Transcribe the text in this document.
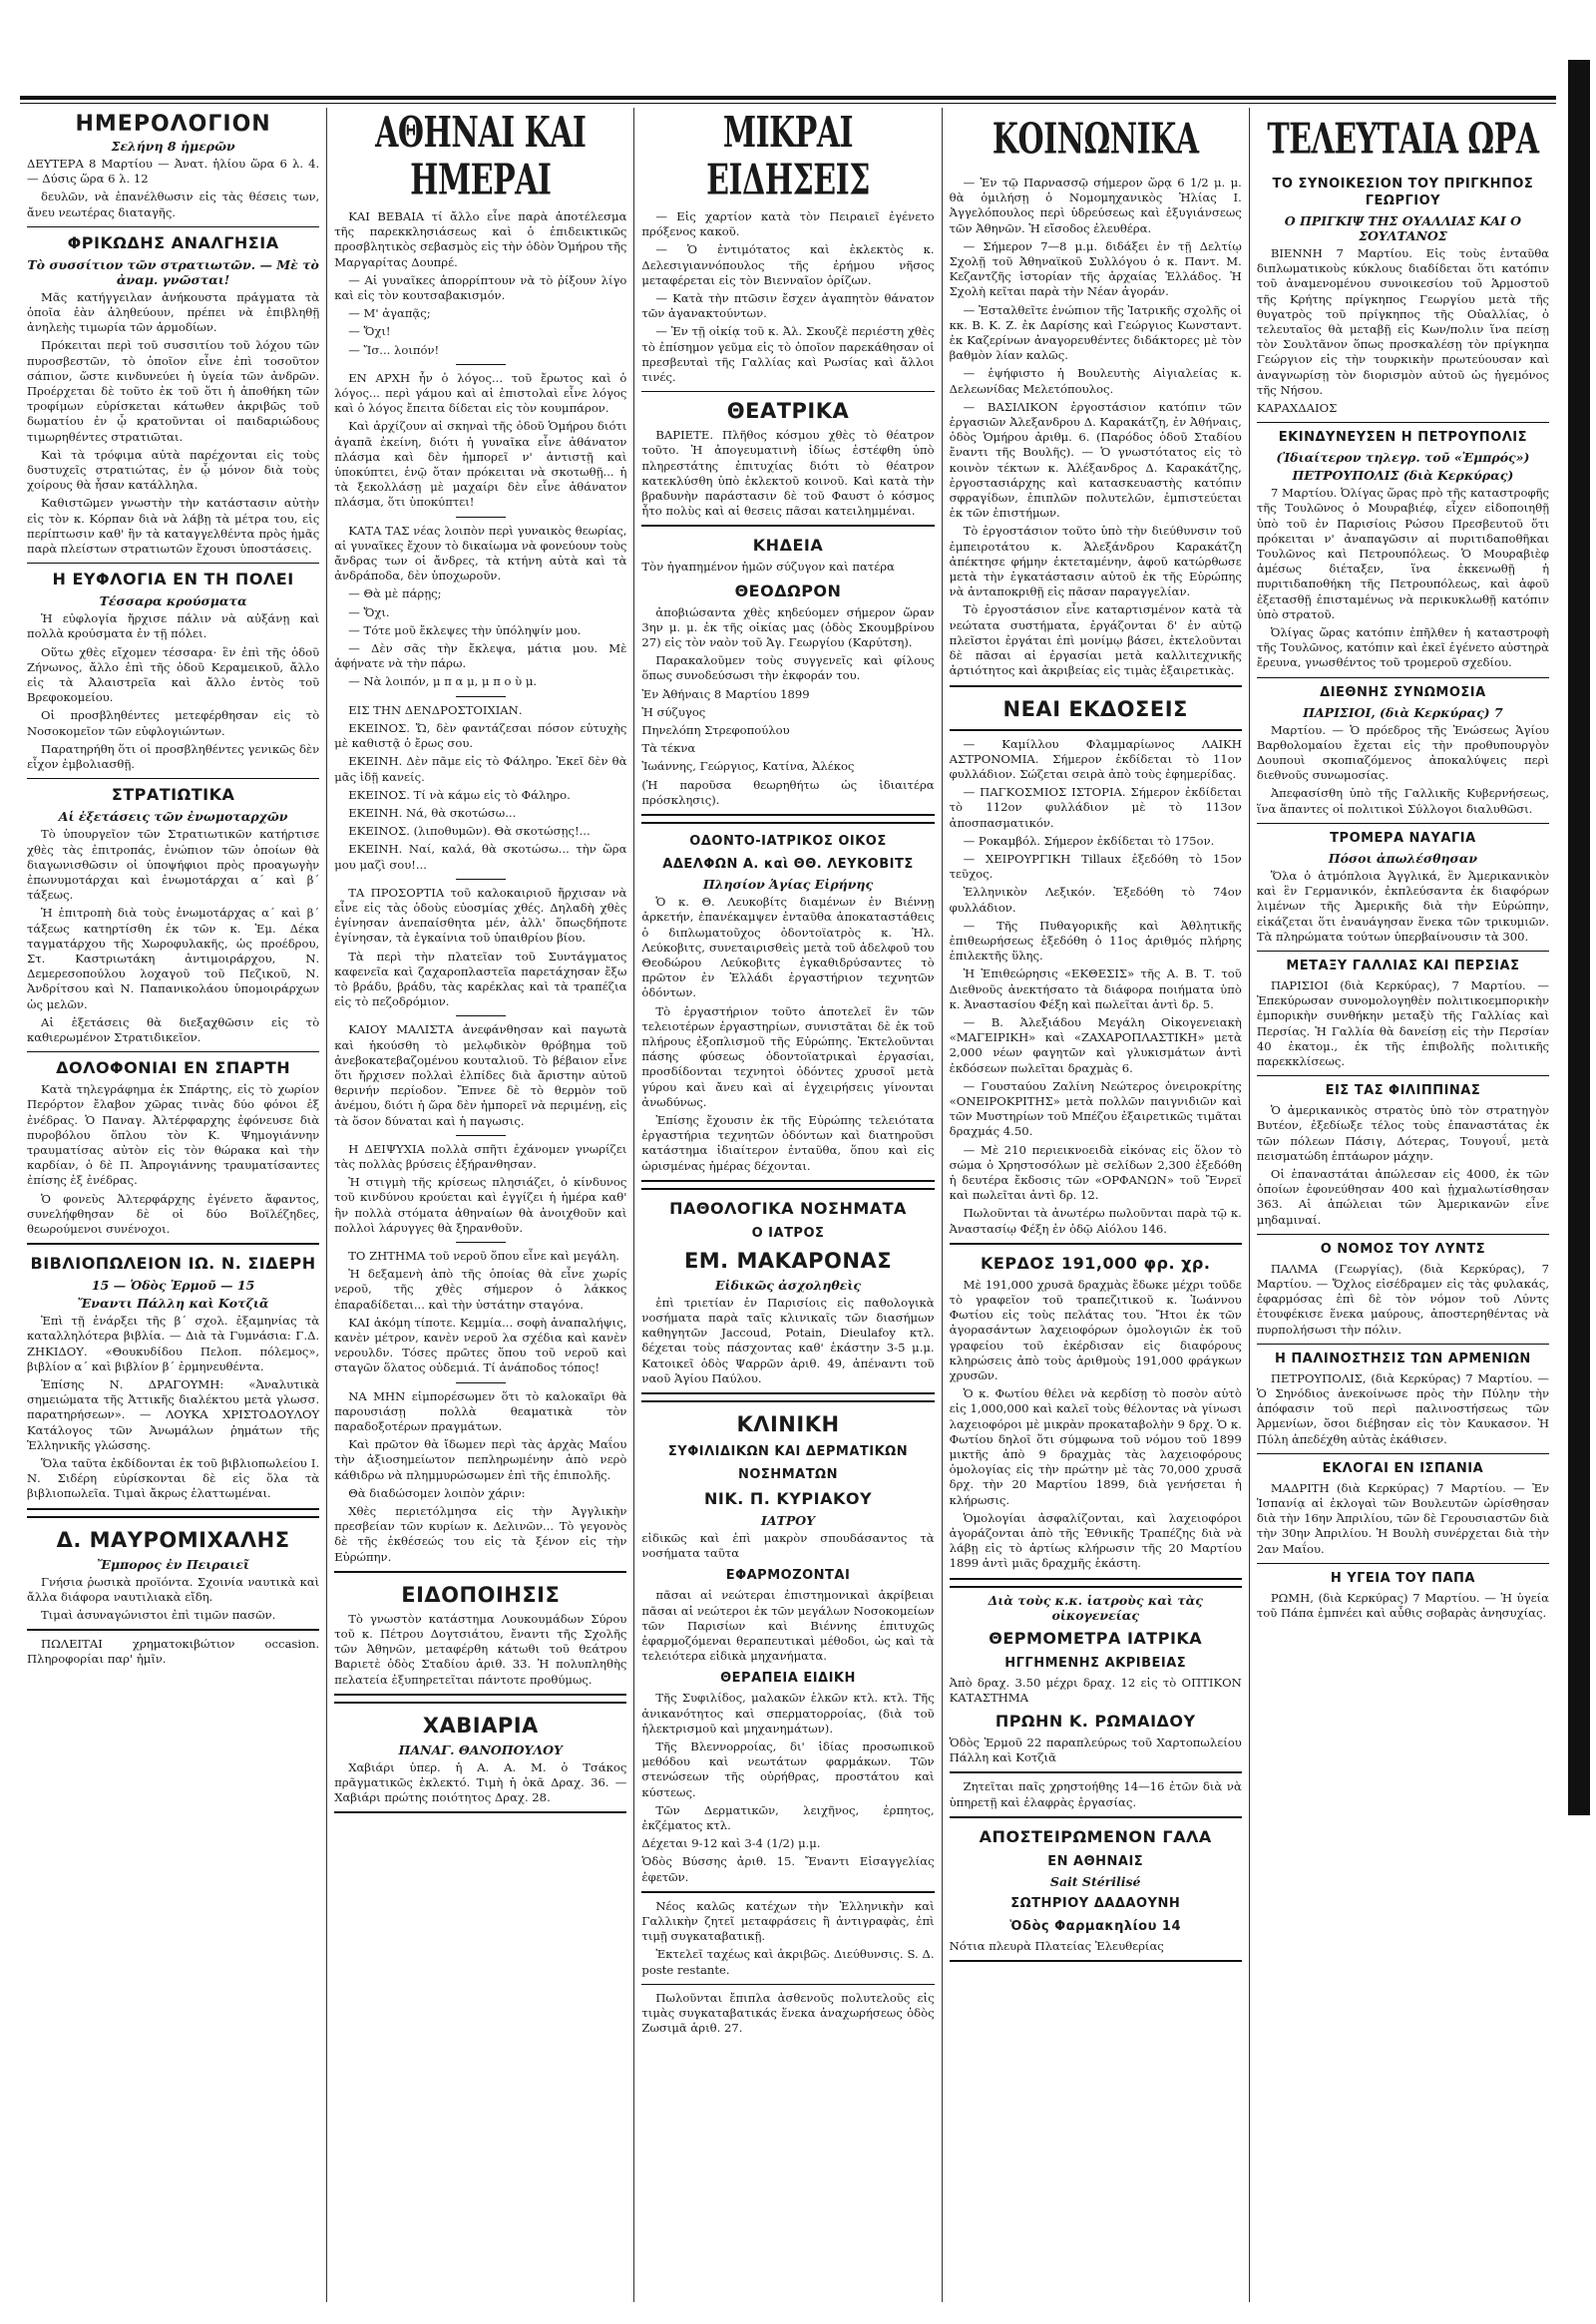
ΗΜΕΡΟΛΟΓΙΟΝ
Σελήνη 8 ἡμερῶν

ΔΕΥΤΕΡΑ 8 Μαρτίου — Ἀνατ. ἡλίου ὥρα 6 λ. 4. — Δύσις ὥρα 6 λ. 12

δευλῶν, νὰ ἐπανέλθωσιν εἰς τὰς θέσεις των, ἄνευ νεωτέρας διαταγῆς.

ΦΡΙΚΩΔΗΣ ΑΝΑΛΓΗΣΙΑ
Τὸ συσσίτιον τῶν στρατιωτῶν. — Μὲ τὸ ἀναμ. γνῶσται!

Μᾶς κατήγγειλαν ἀνήκουστα πράγματα τὰ ὁποῖα ἐὰν ἀληθεύουν, πρέπει νὰ ἐπιβληθῇ ἀνηλεὴς τιμωρία τῶν ἁρμοδίων.

Πρόκειται περὶ τοῦ συσσιτίου τοῦ λόχου τῶν πυροσβεστῶν, τὸ ὁποῖον εἶνε ἐπὶ τοσοῦτον σάπιον, ὥστε κινδυνεύει ἡ ὑγεία τῶν ἀνδρῶν. Προέρχεται δὲ τοῦτο ἐκ τοῦ ὅτι ἡ ἀποθήκη τῶν τροφίμων εὑρίσκεται κάτωθεν ἀκριβῶς τοῦ δωματίου ἐν ᾧ κρατοῦνται οἱ παιδαριώδους τιμωρηθέντες στρατιῶται.

Καὶ τὰ τρόφιμα αὐτὰ παρέχονται εἰς τοὺς δυστυχεῖς στρατιώτας, ἐν ᾧ μόνον διὰ τοὺς χοίρους θὰ ἦσαν κατάλληλα.

Καθιστῶμεν γνωστὴν τὴν κατάστασιν αὐτὴν εἰς τὸν κ. Κόρπαν διὰ νὰ λάβῃ τὰ μέτρα του, εἰς περίπτωσιν καθ' ἣν τὰ καταγγελθέντα πρὸς ἡμᾶς παρὰ πλείστων στρατιωτῶν ἔχουσι ὑποστάσεις.

Η ΕΥΦΛΟΓΙΑ ΕΝ ΤΗ ΠΟΛΕΙ
Τέσσαρα κρούσματα

Ἡ εὐφλογία ἤρχισε πάλιν νὰ αὐξάνῃ καὶ πολλὰ κρούσματα ἐν τῇ πόλει.

Οὕτω χθὲς εἴχομεν τέσσαρα· ἓν ἐπὶ τῆς ὁδοῦ Ζήνωνος, ἄλλο ἐπὶ τῆς ὁδοῦ Κεραμεικοῦ, ἄλλο εἰς τὰ Ἀλαιστρεῖα καὶ ἄλλο ἐντὸς τοῦ Βρεφοκομείου.

Οἱ προσβληθέντες μετεφέρθησαν εἰς τὸ Νοσοκομεῖον τῶν εὐφλογιώντων.

Παρατηρήθη ὅτι οἱ προσβληθέντες γενικῶς δὲν εἶχον ἐμβολιασθῇ.

ΣΤΡΑΤΙΩΤΙΚΑ
Αἱ ἐξετάσεις τῶν ἐνωμοταρχῶν

Τὸ ὑπουργεῖον τῶν Στρατιωτικῶν κατήρτισε χθὲς τὰς ἐπιτροπάς, ἐνώπιον τῶν ὁποίων θὰ διαγωνισθῶσιν οἱ ὑποψήφιοι πρὸς προαγωγὴν ἐπωνυμοτάρχαι καὶ ἐνωμοτάρχαι α΄ καὶ β΄ τάξεως.

Ἡ ἐπιτροπὴ διὰ τοὺς ἐνωμοτάρχας α΄ καὶ β΄ τάξεως κατηρτίσθη ἐκ τῶν κ. Ἐμ. Δέκα ταγματάρχου τῆς Χωροφυλακῆς, ὡς προέδρου, Στ. Καστριωτάκη ἀντιμοιράρχου, Ν. Δεμερεσοπούλου λοχαγοῦ τοῦ Πεζικοῦ, Ν. Ἀνδρίτσου καὶ Ν. Παπανικολάου ὑπομοιράρχων ὡς μελῶν.

Αἱ ἐξετάσεις θὰ διεξαχθῶσιν εἰς τὸ καθιερωμένον Στρατιδικεῖον.

ΔΟΛΟΦΟΝΙΑΙ ΕΝ ΣΠΑΡΤΗ

Κατὰ τηλεγράφημα ἐκ Σπάρτης, εἰς τὸ χωρίον Περόρτον ἔλαβον χῶρας τινὰς δύο φόνοι ἐξ ἐνέδρας. Ὁ Παναγ. Ἀλτέρφαρχης ἐφόνευσε διὰ πυροβόλου ὅπλου τὸν Κ. Ψημογιάννην τραυματίσας αὐτὸν εἰς τὸν θώρακα καὶ τὴν καρδίαν, ὁ δὲ Π. Ἀπρογιάννης τραυματίσαντες ἐπίσης ἐξ ἐνέδρας.

Ὁ φονεὺς Ἀλτερφάρχης ἐγένετο ἄφαντος, συνελήφθησαν δὲ οἱ δύο Βοϊλέζηδες, θεωρούμενοι συνένοχοι.

ΒΙΒΛΙΟΠΩΛΕΙΟΝ ΙΩ. Ν. ΣΙΔΕΡΗ
15 — Ὁδὸς Ἑρμοῦ — 15
Ἔναντι Πάλλη καὶ Κοτζιᾶ

Ἐπὶ τῇ ἐνάρξει τῆς β΄ σχολ. ἐξαμηνίας τὰ καταλληλότερα βιβλία. — Διὰ τὰ Γυμνάσια: Γ.Δ. ΖΗΚΙΔΟΥ. «Θουκυδίδου Πελοπ. πόλεμος», βιβλίον α΄ καὶ βιβλίον β΄ ἐρμηνευθέντα.

Ἐπίσης Ν. ΔΡΑΓΟΥΜΗ: «Ἀναλυτικὰ σημειώματα τῆς Ἀττικῆς διαλέκτου μετὰ γλωσσ. παρατηρήσεων». — ΛΟΥΚΑ ΧΡΙΣΤΟΔΟΥΛΟΥ Κατάλογος τῶν Ἀνωμάλων ῥημάτων τῆς Ἑλληνικῆς γλώσσης.

Ὅλα ταῦτα ἐκδίδονται ἐκ τοῦ βιβλιοπωλείου Ι. Ν. Σιδέρη εὑρίσκονται δὲ εἰς ὅλα τὰ βιβλιοπωλεῖα. Τιμαὶ ἄκρως ἐλαττωμέναι.

Δ. ΜΑΥΡΟΜΙΧΑΛΗΣ
Ἔμπορος ἐν Πειραιεῖ

Γνήσια ῥωσικὰ προϊόντα. Σχοινία ναυτικὰ καὶ ἄλλα διάφορα ναυτιλιακὰ εἴδη.

Τιμαὶ ἀσυναγώνιστοι ἐπὶ τιμῶν πασῶν.

ΠΩΛΕΙΤΑΙ χρηματοκιβώτιον occasion. Πληροφορίαι παρ' ἡμῖν.

ΑΘΗΝΑΙ ΚΑΙ ΗΜΕΡΑΙ

ΚΑΙ ΒΕΒΑΙΑ τί ἄλλο εἶνε παρὰ ἀποτέλεσμα τῆς παρεκκλησιάσεως καὶ ὁ ἐπιδεικτικῶς προσβλητικὸς σεβασμὸς εἰς τὴν ὁδὸν Ὁμήρου τῆς Μαργαρίτας Δουπρέ.

— Αἱ γυναῖκες ἀπορρίπτουν νὰ τὸ ῥίξουν λίγο καὶ εἰς τὸν κουτσαβακισμόν.

— Μ' ἀγαπᾷς;

— Ὄχι!

— Ἴσ... λοιπόν!

ΕΝ ΑΡΧΗ ἦν ὁ λόγος... τοῦ ἔρωτος καὶ ὁ λόγος... περὶ γάμου καὶ αἱ ἐπιστολαὶ εἶνε λόγος καὶ ὁ λόγος ἔπειτα δίδεται εἰς τὸν κουμπάρον.

Καὶ ἀρχίζουν αἱ σκηναὶ τῆς ὁδοῦ Ὁμήρου διότι ἀγαπᾶ ἐκείνη, διότι ἡ γυναῖκα εἶνε ἀθάνατον πλάσμα καὶ δὲν ἠμπορεῖ ν' ἀντιστῇ καὶ ὑποκύπτει, ἐνῷ ὅταν πρόκειται νὰ σκοτωθῇ... ἡ τὰ ξεκολλάσῃ μὲ μαχαίρι δὲν εἶνε ἀθάνατον πλάσμα, ὅτι ὑποκύπτει!

ΚΑΤΑ ΤΑΣ νέας λοιπὸν περὶ γυναικὸς θεωρίας, αἱ γυναῖκες ἔχουν τὸ δικαίωμα νὰ φονεύουν τοὺς ἄνδρας των οἱ ἄνδρες, τὰ κτήνη αὐτὰ καὶ τὰ ἀνδράποδα, δὲν ὑποχωροῦν.

— Θὰ μὲ πάρῃς;

— Ὄχι.

— Τότε μοῦ ἔκλεψες τὴν ὑπόληψίν μου.

— Δὲν σᾶς τὴν ἔκλεψα, μάτια μου. Μὲ ἀφήνατε νὰ τὴν πάρω.

— Νὰ λοιπόν, μ π α μ, μ π ο ὺ μ.

ΕΙΣ ΤΗΝ ΔΕΝΔΡΟΣΤΟΙΧΙΑΝ.

ΕΚΕΙΝΟΣ. Ὤ, δὲν φαντάζεσαι πόσον εὐτυχὴς μὲ καθιστᾷ ὁ ἔρως σου.

ΕΚΕΙΝΗ. Δὲν πᾶμε εἰς τὸ Φάληρο. Ἐκεῖ δὲν θὰ μᾶς ἰδῇ κανείς.

ΕΚΕΙΝΟΣ. Τί νὰ κάμω εἰς τὸ Φάληρο.

ΕΚΕΙΝΗ. Νά, θὰ σκοτώσω...

ΕΚΕΙΝΟΣ. (λιποθυμῶν). Θὰ σκοτώσῃς!...

ΕΚΕΙΝΗ. Ναί, καλά, θὰ σκοτώσω... τὴν ὥρα μου μαζὶ σου!...

ΤΑ ΠΡΟΣΟΡΤΙΑ τοῦ καλοκαιριοῦ ἤρχισαν νὰ εἶνε εἰς τὰς ὁδοὺς εὐοσμίας χθές. Δηλαδὴ χθὲς ἐγίνησαν ἀνεπαίσθητα μέν, ἀλλ' ὅπωςδήποτε ἐγίνησαν, τὰ ἐγκαίνια τοῦ ὑπαιθρίου βίου.

Τὰ περὶ τὴν πλατεῖαν τοῦ Συντάγματος καφενεῖα καὶ ζαχαροπλαστεῖα παρετάχησαν ἔξω τὸ βράδυ, βράδυ, τὰς καρέκλας καὶ τὰ τραπέζια εἰς τὸ πεζοδρόμιον.

ΚΑΙΟΥ ΜΑΛΙΣΤΑ ἀνεφάνθησαν καὶ παγωτὰ καὶ ἠκούσθη τὸ μελῳδικὸν θρόβημα τοῦ ἀνεβοκατεβαζομένου κουταλιοῦ. Τὸ βέβαιον εἶνε ὅτι ἤρχισεν πολλαὶ ἐλπίδες διὰ ἄριστην αὐτοῦ θερινήν περίοδον. Ἔπνεε δὲ τὸ θερμὸν τοῦ ἀνέμου, διότι ἡ ὥρα δὲν ἠμπορεῖ νὰ περιμένῃ, εἰς τὰ ὅσον δύναται καὶ ἡ παγωσις.

Η ΔΕΙΨΥΧΙΑ πολλὰ σπῆτι ἐχάνομεν γνωρίζει τὰς πολλὰς βρύσεις ἐξήρανθησαν.

Ἡ στιγμὴ τῆς κρίσεως πλησιάζει, ὁ κίνδυνος τοῦ κινδύνου κρούεται καὶ ἐγγίζει ἡ ἡμέρα καθ' ἣν πολλὰ στόματα ἀθηναίων θὰ ἀνοιχθοῦν καὶ πολλοὶ λάρυγγες θὰ ξηρανθοῦν.

ΤΟ ΖΗΤΗΜΑ τοῦ νεροῦ ὅπου εἶνε καὶ μεγάλη.

Ἡ δεξαμενὴ ἀπὸ τῆς ὁποίας θὰ εἶνε χωρίς νεροῦ, τῆς χθὲς σήμερον ὁ λάκκος ἐπαραδίδεται... καὶ τὴν ὑστάτην σταγόνα.

ΚΑΙ ἀκόμη τίποτε. Κεμμία... σοφὴ ἀναπαλήψις, κανὲν μέτρον, κανὲν νεροῦ λα σχέδια καὶ κανὲν νερουλδν. Τόσες πρῶτες ὅπου τοῦ νεροῦ καὶ σταγῶν ὅλατος οὐδεμιά. Τί ἀνάποδος τόπος!

ΝΑ ΜΗΝ εἰμπορέσωμεν ὅτι τὸ καλοκαῖρι θὰ παρουσιάσῃ πολλὰ θεαματικὰ τὸν παραδοξοτέρων πραγμάτων.

Καὶ πρῶτον θὰ ἴδωμεν περὶ τὰς ἀρχὰς Μαΐου τὴν ἀξιοσημείωτον πεπληρωμένην ἀπὸ νερὸ κάθιδρω νὰ πλημμυρώσωμεν ἐπὶ τῆς ἐπιπολῆς.

Θὰ διαδώσομεν λοιπὸν χάριν:

Χθὲς περιετόλμησα εἰς τὴν Ἀγγλικὴν πρεσβείαν τῶν κυρίων κ. Δελινῶν... Τὸ γεγονὸς δὲ τῆς ἐκθέσεώς του εἰς τὰ ξένον εἰς τὴν Εὐρώπην.

ΕΙΔΟΠΟΙΗΣΙΣ

Τὸ γνωστὸν κατάστημα Λουκουμάδων Σύρου τοῦ κ. Πέτρου Δογτσιάτου, ἔναντι τῆς Σχολῆς τῶν Ἀθηνῶν, μεταφέρθη κάτωθι τοῦ θεάτρου Βαριετὲ ὁδὸς Σταδίου ἀριθ. 33. Ἡ πολυπληθὴς πελατεία ἐξυπηρετεῖται πάντοτε προθύμως.

ΧΑΒΙΑΡΙΑ
ΠΑΝΑΓ. ΘΑΝΟΠΟΥΛΟΥ

Χαβιάρι ὑπερ. ἡ Α. Α. Μ. ὁ Τσάκος πρᾶγματικῶς ἐκλεκτό. Τιμὴ ἡ ὀκᾶ Δραχ. 36. — Χαβιάρι πρώτης ποιότητος Δραχ. 28.

ΜΙΚΡΑΙ ΕΙΔΗΣΕΙΣ

— Εἰς χαρτίον κατὰ τὸν Πειραιεῖ ἐγένετο πρόξενος κακοῦ.

— Ὁ ἐντιμότατος καὶ ἐκλεκτὸς κ. Δελεσιγιαννόπουλος τῆς ἐρήμου νῆσος μεταφέρεται εἰς τὸν Βιενναῖον ὁρίζων.

— Κατὰ τὴν πτῶσιν ἔσχεν ἀγαπητὸν θάνατον τῶν ἀγανακτούντων.

— Ἐν τῇ οἰκίᾳ τοῦ κ. Ἀλ. Σκουζὲ περιέστη χθὲς τὸ ἐπίσημον γεῦμα εἰς τὸ ὁποῖον παρεκάθησαν οἱ πρεσβευταὶ τῆς Γαλλίας καὶ Ρωσίας καὶ ἄλλοι τινές.

ΘΕΑΤΡΙΚΑ

ΒΑΡΙΕΤΕ. Πλῆθος κόσμου χθὲς τὸ θέατρον τοῦτο. Ἡ ἀπογευματινὴ ἰδίως ἐστέφθη ὑπὸ πληρεστάτης ἐπιτυχίας διότι τὸ θέατρον κατεκλύσθη ὑπὸ ἐκλεκτοῦ κοινοῦ. Καὶ κατὰ τὴν βραδυνὴν παράστασιν δὲ τοῦ Φαυστ ὁ κόσμος ἦτο πολὺς καὶ αἱ θεσεις πᾶσαι κατειλημμέναι.

ΚΗΔΕΙΑ

Τὸν ἡγαπημένον ἡμῶν σύζυγον καὶ πατέρα

ΘΕΟΔΩΡΟΝ

ἀποβιώσαντα χθὲς κηδεύομεν σήμερον ὥραν 3ην μ. μ. ἐκ τῆς οἰκίας μας (ὁδὸς Σκουμβρίνου 27) εἰς τὸν ναὸν τοῦ Ἁγ. Γεωργίου (Καρύτση).

Παρακαλοῦμεν τοὺς συγγενεῖς καὶ φίλους ὅπως συνοδεύσωσι τὴν ἐκφοράν του.

Ἐν Ἀθήναις 8 Μαρτίου 1899

Ἡ σύζυγος

Πηνελόπη Στρεφοπούλου

Τὰ τέκνα

Ἰωάννης, Γεώργιος, Κατίνα, Ἀλέκος

(Ἡ παροῦσα θεωρηθήτω ὡς ἰδιαιτέρα πρόσκλησις).

ΟΔΟΝΤΟ-ΙΑΤΡΙΚΟΣ ΟΙΚΟΣ
ΑΔΕΛΦΩΝ Α. καὶ ΘΘ. ΛΕΥΚΟΒΙΤΣ
Πλησίον Ἁγίας Εἰρήνης

Ὁ κ. Θ. Λευκοβίτς διαμένων ἐν Βιέννῃ ἀρκετήν, ἐπανέκαμψεν ἐνταῦθα ἀποκαταστάθεις ὁ διπλωματοῦχος ὀδοντοϊατρὸς κ. Ἠλ. Λεύκοβιτς, συνεταιρισθεὶς μετὰ τοῦ ἀδελφοῦ του Θεοδώρου Λεύκοβιτς ἐγκαθιδρύσαντες τὸ πρῶτον ἐν Ἑλλάδι ἐργαστήριον τεχνητῶν ὀδόντων.

Τὸ ἐργαστήριον τοῦτο ἀποτελεῖ ἓν τῶν τελειοτέρων ἐργαστηρίων, συνιστᾶται δὲ ἐκ τοῦ πλήρους ἐξοπλισμοῦ τῆς Εὐρώπης. Ἐκτελοῦνται πάσης φύσεως ὀδοντοϊατρικαὶ ἐργασίαι, προσδίδονται τεχνητοὶ ὀδόντες χρυσοῖ μετὰ γύρου καὶ ἄνευ καὶ αἱ ἐγχειρήσεις γίνονται ἀνωδύνως.

Ἐπίσης ἔχουσιν ἐκ τῆς Εὐρώπης τελειότατα ἐργαστήρια τεχνητῶν ὀδόντων καὶ διατηροῦσι κατάστημα ἰδιαίτερον ἐνταῦθα, ὅπου καὶ εἰς ὡρισμένας ἡμέρας δέχονται.

ΠΑΘΟΛΟΓΙΚΑ ΝΟΣΗΜΑΤΑ
Ο ΙΑΤΡΟΣ
ΕΜ. ΜΑΚΑΡΟΝΑΣ
Εἰδικῶς ἀσχοληθεὶς

ἐπὶ τριετίαν ἐν Παρισίοις εἰς παθολογικὰ νοσήματα παρὰ ταῖς κλινικαῖς τῶν διασήμων καθηγητῶν Jaccoud, Potain, Dieulafoy κτλ. δέχεται τοὺς πάσχοντας καθ' ἑκάστην 3-5 μ.μ. Κατοικεῖ ὁδὸς Ψαρρῶν ἀριθ. 49, ἀπέναντι τοῦ ναοῦ Ἁγίου Παύλου.

ΚΛΙΝΙΚΗ
ΣΥΦΙΛΙΔΙΚΩΝ ΚΑΙ ΔΕΡΜΑΤΙΚΩΝ
ΝΟΣΗΜΑΤΩΝ
ΝΙΚ. Π. ΚΥΡΙΑΚΟΥ
ΙΑΤΡΟΥ

εἰδικῶς καὶ ἐπὶ μακρὸν σπουδάσαντος τὰ νοσήματα ταῦτα

ΕΦΑΡΜΟΖΟΝΤΑΙ

πᾶσαι αἱ νεώτεραι ἐπιστημονικαὶ ἀκρίβειαι πᾶσαι αἱ νεώτεροι ἐκ τῶν μεγάλων Νοσοκομείων τῶν Παρισίων καὶ Βιέννης ἐπιτυχῶς ἐφαρμοζόμεναι θεραπευτικαὶ μέθοδοι, ὡς καὶ τὰ τελειότερα εἰδικὰ μηχανήματα.

ΘΕΡΑΠΕΙΑ ΕΙΔΙΚΗ

Τῆς Συφιλίδος, μαλακῶν ἑλκῶν κτλ. κτλ. Τῆς ἀνικανότητος καὶ σπερματορροίας, (διὰ τοῦ ἠλεκτρισμοῦ καὶ μηχανημάτων).

Τῆς Βλεννορροίας, δι' ἰδίας προσωπικοῦ μεθόδου καὶ νεωτάτων φαρμάκων. Τῶν στενώσεων τῆς οὐρήθρας, προστάτου καὶ κύστεως.

Τῶν Δερματικῶν, λειχῆνος, ἐρπητος, ἐκζέματος κτλ.

Δέχεται 9-12 καὶ 3-4 (1/2) μ.μ.

Ὁδὸς Βύσσης ἀριθ. 15. Ἔναντι Εἰσαγγελίας ἐφετῶν.

Νέος καλῶς κατέχων τὴν Ἑλληνικὴν καὶ Γαλλικὴν ζητεῖ μεταφράσεις ἢ ἀντιγραφὰς, ἐπὶ τιμῇ συγκαταβατικῇ.

Ἐκτελεῖ ταχέως καὶ ἀκριβῶς. Διεύθυνσις. S. Δ. poste restante.

Πωλοῦνται ἔπιπλα ἀσθενοῦς πολυτελοῦς εἰς τιμὰς συγκαταβατικάς ἕνεκα ἀναχωρήσεως ὁδὸς Ζωσιμᾶ ἀριθ. 27.

ΚΟΙΝΩΝΙΚΑ

— Ἐν τῷ Παρνασσῷ σήμερον ὥρᾳ 6 1/2 μ. μ. θὰ ὁμιλήσῃ ὁ Νομομηχανικὸς Ἠλίας Ι. Ἀγγελόπουλος περὶ ὑδρεύσεως καὶ ἐξυγιάνσεως τῶν Ἀθηνῶν. Ἡ εἴσοδος ἐλευθέρα.

— Σήμερον 7—8 μ.μ. διδάξει ἐν τῇ Δελτίῳ Σχολῇ τοῦ Ἀθηναϊκοῦ Συλλόγου ὁ κ. Παντ. Μ. Κεζαντζῆς ἱστορίαν τῆς ἀρχαίας Ἑλλάδος. Ἡ Σχολὴ κεῖται παρὰ τὴν Νέαν ἀγοράν.

— Ἐσταλθεῖτε ἐνώπιον τῆς Ἰατρικῆς σχολῆς οἱ κκ. Β. Κ. Ζ. ἐκ Δαρίσης καὶ Γεώργιος Κωνσταντ. ἐκ Καζερίνων ἀναγορευθέντες διδάκτορες μὲ τὸν βαθμὸν λίαν καλῶς.

— ἐψήφιστο ἡ Βουλευτὴς Αἰγιαλείας κ. Δελεωνίδας Μελετόπουλος.

— ΒΑΣΙΛΙΚΟΝ ἐργοστάσιον κατόπιν τῶν ἐργασιῶν Ἀλεξανδρου Δ. Καρακάτζη, ἐν Ἀθήναις, ὁδὸς Ὁμήρου ἀριθμ. 6. (Παρόδος ὁδοῦ Σταδίου ἔναντι τῆς Βουλῆς). — Ὁ γνωστότατος εἰς τὸ κοινὸν τέκτων κ. Ἀλέξανδρος Δ. Καρακάτζης, ἐργοστασιάρχης καὶ κατασκευαστὴς κατόπιν σφραγίδων, ἐπιπλῶν πολυτελῶν, ἐμπιστεύεται ἐκ τῶν ἐπιστήμων.

Τὸ ἐργοστάσιον τοῦτο ὑπὸ τὴν διεύθυνσιν τοῦ ἐμπειροτάτου κ. Ἀλεξάνδρου Καρακάτζη ἀπέκτησε φήμην ἐκτεταμένην, ἀφοῦ κατώρθωσε μετὰ τὴν ἐγκατάστασιν αὐτοῦ ἐκ τῆς Εὐρώπης νὰ ἀνταποκριθῇ εἰς πᾶσαν παραγγελίαν.

Τὸ ἐργοστάσιον εἶνε καταρτισμένον κατὰ τὰ νεώτατα συστήματα, ἐργάζονται δ' ἐν αὐτῷ πλεῖστοι ἐργάται ἐπὶ μονίμῳ βάσει, ἐκτελοῦνται δὲ πᾶσαι αἱ ἐργασίαι μετὰ καλλιτεχνικῆς ἀρτιότητος καὶ ἀκριβείας εἰς τιμὰς ἐξαιρετικὰς.

ΝΕΑΙ ΕΚΔΟΣΕΙΣ

— Καμίλλου Φλαμμαρίωνος ΛΑΙΚΗ ΑΣΤΡΟΝΟΜΙΑ. Σήμερον ἐκδίδεται τὸ 11ον φυλλάδιον. Σώζεται σειρὰ ἀπὸ τοὺς ἐφημερίδας.

— ΠΑΓΚΟΣΜΙΟΣ ΙΣΤΟΡΙΑ. Σήμερον ἐκδίδεται τὸ 112ον φυλλάδιον μὲ τὸ 113ον ἀποσπασματικόν.

— Ροκαμβόλ. Σήμερον ἐκδίδεται τὸ 175ον.

— ΧΕΙΡΟΥΡΓΙΚΗ Tillaux ἐξεδόθη τὸ 15ον τεῦχος.

Ἑλληνικὸν Λεξικόν. Ἐξεδόθη τὸ 74ον φυλλάδιον.

— Τῆς Πυθαγορικῆς καὶ Ἀθλητικῆς ἐπιθεωρήσεως ἐξεδόθη ὁ 11ος ἀριθμός πλήρης ἐπιλεκτῆς ὕλης.

Ἡ Ἐπιθεώρησις «ΕΚΘΕΣΙΣ» τῆς Α. Β. Τ. τοῦ Διεθνοῦς ἀνεκτήσατο τὰ διάφορα ποιήματα ὑπὸ κ. Ἀναστασίου Φέξη καὶ πωλεῖται ἀντὶ δρ. 5.

— Β. Ἀλεξιάδου Μεγάλη Οἰκογενειακὴ «ΜΑΓΕΙΡΙΚΗ» καὶ «ΖΑΧΑΡΟΠΛΑΣΤΙΚΗ» μετὰ 2,000 νέων φαγητῶν καὶ γλυκισμάτων ἀντὶ ἐκδόσεων πωλεῖται δραχμὰς 6.

— Γουσταύου Ζαλίνη Νεώτερος ὀνειροκρίτης «ΟΝΕΙΡΟΚΡΙΤΗΣ» μετὰ πολλῶν παιγνιδιῶν καὶ τῶν Μυστηρίων τοῦ Μπέζου ἐξαιρετικῶς τιμᾶται δραχμάς 4.50.

— Μὲ 210 περιεικνοειδὰ εἰκόνας εἰς ὅλον τὸ σώμα ὁ Χρηστοσόλων μὲ σελίδων 2,300 ἐξεδόθη ἡ δευτέρα ἔκδοσις τῶν «ΟΡΦΑΝΩΝ» τοῦ Ἔνρεϊ καὶ πωλεῖται ἀντὶ δρ. 12.

Πωλοῦνται τὰ ἀνωτέρω πωλοῦνται παρὰ τῷ κ. Ἀναστασίῳ Φέξη ἐν ὁδῷ Αἰόλου 146.

ΚΕΡΔΟΣ 191,000 φρ. χρ.

Μὲ 191,000 χρυσᾶ δραχμὰς ἔδωκε μέχρι τοῦδε τὸ γραφεῖον τοῦ τραπεζιτικοῦ κ. Ἰωάννου Φωτίου εἰς τοὺς πελάτας του. Ἤτοι ἐκ τῶν ἀγορασάντων λαχειοφόρων ὁμολογιῶν ἐκ τοῦ γραφείου τοῦ ἐκέρδισαν εἰς διαφόρους κληρώσεις ἀπὸ τοὺς ἀριθμοὺς 191,000 φράγκων χρυσῶν.

Ὁ κ. Φωτίου θέλει νὰ κερδίσῃ τὸ ποσὸν αὐτὸ εἰς 1,000,000 καὶ καλεῖ τοὺς θέλοντας νὰ γίνωσι λαχειοφόροι μὲ μικρὰν προκαταβολὴν 9 δρχ. Ὁ κ. Φωτίου δηλοῖ ὅτι σύμφωνα τοῦ νόμου τοῦ 1899 μικτῆς ἀπὸ 9 δραχμὰς τὰς λαχειοφόρους ὁμολογίας εἰς τὴν πρώτην μὲ τὰς 70,000 χρυσᾶ δρχ. τὴν 20 Μαρτίου 1899, διὰ γενήσεται ἡ κλήρωσις.

Ὁμολογίαι ἀσφαλίζονται, καὶ λαχειοφόροι ἀγοράζονται ἀπὸ τῆς Ἐθνικῆς Τραπέζης διὰ νὰ λάβῃ εἰς τὸ ἀρτίως κλήρωσιν τῆς 20 Μαρτίου 1899 ἀντὶ μιᾶς δραχμῆς ἑκάστη.

Διὰ τοὺς κ.κ. ἰατροὺς καὶ τὰς οἰκογενείας
ΘΕΡΜΟΜΕΤΡΑ ΙΑΤΡΙΚΑ
ΗΓΓΗΜΕΝΗΣ ΑΚΡΙΒΕΙΑΣ

Ἀπὸ δραχ. 3.50 μέχρι δραχ. 12 εἰς τὸ ΟΠΤΙΚΟΝ ΚΑΤΑΣΤΗΜΑ

ΠΡΩΗΝ Κ. ΡΩΜΑΙΔΟΥ

Ὁδὸς Ἑρμοῦ 22 παραπλεύρως τοῦ Χαρτοπωλείου Πάλλη καὶ Κοτζιᾶ

Ζητεῖται παῖς χρηστοήθης 14—16 ἐτῶν διὰ νὰ ὑπηρετῇ καὶ ἐλαφρὰς ἐργασίας.

ΑΠΟΣΤΕΙΡΩΜΕΝΟΝ ΓΑΛΑ
ΕΝ ΑΘΗΝΑΙΣ
Sait Stérilisé
ΣΩΤΗΡΙΟΥ ΔΑΔΑΟΥΝΗ
Ὁδὸς Φαρμακηλίου 14

Νότια πλευρὰ Πλατείας Ἐλευθερίας

ΤΕΛΕΥΤΑΙΑ ΩΡΑ
ΤΟ ΣΥΝΟΙΚΕΣΙΟΝ ΤΟΥ ΠΡΙΓΚΗΠΟΣ ΓΕΩΡΓΙΟΥ
Ο ΠΡΙΓΚΙΨ ΤΗΣ ΟΥΑΛΛΙΑΣ ΚΑΙ Ο ΣΟΥΛΤΑΝΟΣ

ΒΙΕΝΝΗ 7 Μαρτίου. Εἰς τοὺς ἐνταῦθα διπλωματικοὺς κύκλους διαδίδεται ὅτι κατόπιν τοῦ ἀναμενομένου συνοικεσίου τοῦ Ἁρμοστοῦ τῆς Κρήτης πρίγκηπος Γεωργίου μετὰ τῆς θυγατρὸς τοῦ πρίγκηπος τῆς Οὐαλλίας, ὁ τελευταῖος θὰ μεταβῇ εἰς Κων/πολιν ἵνα πείσῃ τὸν Σουλτᾶνον ὅπως προσκαλέσῃ τὸν πρίγκηπα Γεώργιον εἰς τὴν τουρκικὴν πρωτεύουσαν καὶ ἀναγνωρίσῃ τὸν διορισμὸν αὐτοῦ ὡς ἡγεμόνος τῆς Νήσου.

ΚΑΡΑΧΔΑΙΟΣ

ΕΚΙΝΔΥΝΕΥΣΕΝ Η ΠΕΤΡΟΥΠΟΛΙΣ
(Ἰδιαίτερον τηλεγρ. τοῦ «Ἐμπρός»)
ΠΕΤΡΟΥΠΟΛΙΣ (διὰ Κερκύρας)

7 Μαρτίου. Ὀλίγας ὥρας πρὸ τῆς καταστροφῆς τῆς Τουλῶνος ὁ Μουραβιέφ, εἶχεν εἰδοποιηθῇ ὑπὸ τοῦ ἐν Παρισίοις Ρώσου Πρεσβευτοῦ ὅτι πρόκειται ν' ἀναπαγῶσιν αἱ πυριτιδαποθῆκαι Τουλῶνος καὶ Πετρουπόλεως. Ὁ Μουραβιὲφ ἀμέσως διέταξεν, ἵνα ἐκκενωθῇ ἡ πυριτιδαποθήκη τῆς Πετρουπόλεως, καὶ ἀφοῦ ἐξετασθῇ ἐπισταμένως νὰ περικυκλωθῇ κατόπιν ὑπὸ στρατοῦ.

Ὀλίγας ὥρας κατόπιν ἐπῆλθεν ἡ καταστροφὴ τῆς Τουλῶνος, κατόπιν καὶ ἐκεῖ ἐγένετο αὐστηρὰ ἔρευνα, γνωσθέντος τοῦ τρομεροῦ σχεδίου.

ΔΙΕΘΝΗΣ ΣΥΝΩΜΟΣΙΑ
ΠΑΡΙΣΙΟΙ, (διὰ Κερκύρας) 7

Μαρτίου. — Ὁ πρόεδρος τῆς Ἑνώσεως Ἁγίου Βαρθολομαίου ἔχεται εἰς τὴν προθυπουργὸν Δουπουὶ σκοπιαζόμενος ἀποκαλύψεις περὶ διεθνοῦς συνωμοσίας.

Ἀπεφασίσθη ὑπὸ τῆς Γαλλικῆς Κυβερνήσεως, ἵνα ἅπαντες οἱ πολιτικοὶ Σύλλογοι διαλυθῶσι.

ΤΡΟΜΕΡΑ ΝΑΥΑΓΙΑ
Πόσοι ἀπωλέσθησαν

Ὅλα ὁ ἀτμόπλοια Ἀγγλικά, ἓν Ἀμερικανικὸν καὶ ἓν Γερμανικόν, ἐκπλεύσαντα ἐκ διαφόρων λιμένων τῆς Ἀμερικῆς διὰ τὴν Εὐρώπην, εἰκάζεται ὅτι ἐναυάγησαν ἕνεκα τῶν τρικυμιῶν. Τὰ πληρώματα τούτων ὑπερβαίνουσιν τὰ 300.

ΜΕΤΑΞΥ ΓΑΛΛΙΑΣ ΚΑΙ ΠΕΡΣΙΑΣ

ΠΑΡΙΣΙΟΙ (διὰ Κερκύρας), 7 Μαρτίου. — Ἐπεκύρωσαν συνομολογηθὲν πολιτικοεμπορικὴν ἐμπορικὴν συνθήκην μεταξὺ τῆς Γαλλίας καὶ Περσίας. Ἡ Γαλλία θὰ δανείσῃ εἰς τὴν Περσίαν 40 ἑκατομ., ἐκ τῆς ἐπιβολῆς πολιτικῆς παρεκκλίσεως.

ΕΙΣ ΤΑΣ ΦΙΛΙΠΠΙΝΑΣ

Ὁ ἀμερικανικὸς στρατὸς ὑπὸ τὸν στρατηγὸν Βυτέον, ἐξεδίωξε τέλος τοὺς ἐπαναστάτας ἐκ τῶν πόλεων Πάσιγ, Δότερας, Τουγουΐ, μετὰ πεισματώδη ἐπτάωρον μάχην.

Οἱ ἐπαναστάται ἀπώλεσαν εἰς 4000, ἐκ τῶν ὁποίων ἐφονεύθησαν 400 καὶ ᾐχμαλωτίσθησαν 363. Αἱ ἀπώλειαι τῶν Ἀμερικανῶν εἶνε μηδαμιναί.

Ο ΝΟΜΟΣ ΤΟΥ ΛΥΝΤΣ

ΠΑΛΜΑ (Γεωργίας), (διὰ Κερκύρας), 7 Μαρτίου. — Ὄχλος εἰσέδραμεν εἰς τὰς φυλακάς, ἐφαρμόσας ἐπὶ δὲ τὸν νόμον τοῦ Λύντς ἐτουφέκισε ἕνεκα μαύρους, ἀποστερηθέντας νὰ πυρπολήσωσι τὴν πόλιν.

Η ΠΑΛΙΝΟΣΤΗΣΙΣ ΤΩΝ ΑΡΜΕΝΙΩΝ

ΠΕΤΡΟΥΠΟΛΙΣ, (διὰ Κερκύρας) 7 Μαρτίου. — Ὁ Σηνόδιος ἀνεκοίνωσε πρὸς τὴν Πύλην τὴν ἀπόφασιν τοῦ περὶ παλινοστήσεως τῶν Ἀρμενίων, ὅσοι διέβησαν εἰς τὸν Καυκασον. Ἡ Πύλη ἀπεδέχθη αὐτὰς ἐκάθισεν.

ΕΚΛΟΓΑΙ ΕΝ ΙΣΠΑΝΙΑ

ΜΑΔΡΙΤΗ (διὰ Κερκύρας) 7 Μαρτίου. — Ἐν Ἱσπανίᾳ αἱ ἐκλογαὶ τῶν Βουλευτῶν ὡρίσθησαν διὰ τὴν 16ην Ἀπριλίου, τῶν δὲ Γερουσιαστῶν διὰ τὴν 30ην Ἀπριλίου. Ἡ Βουλὴ συνέρχεται διὰ τὴν 2αν Μαΐου.

Η ΥΓΕΙΑ ΤΟΥ ΠΑΠΑ

ΡΩΜΗ, (διὰ Κερκύρας) 7 Μαρτίου. — Ἡ ὑγεία τοῦ Πάπα ἐμπνέει καὶ αὖθις σοβαρὰς ἀνησυχίας.
